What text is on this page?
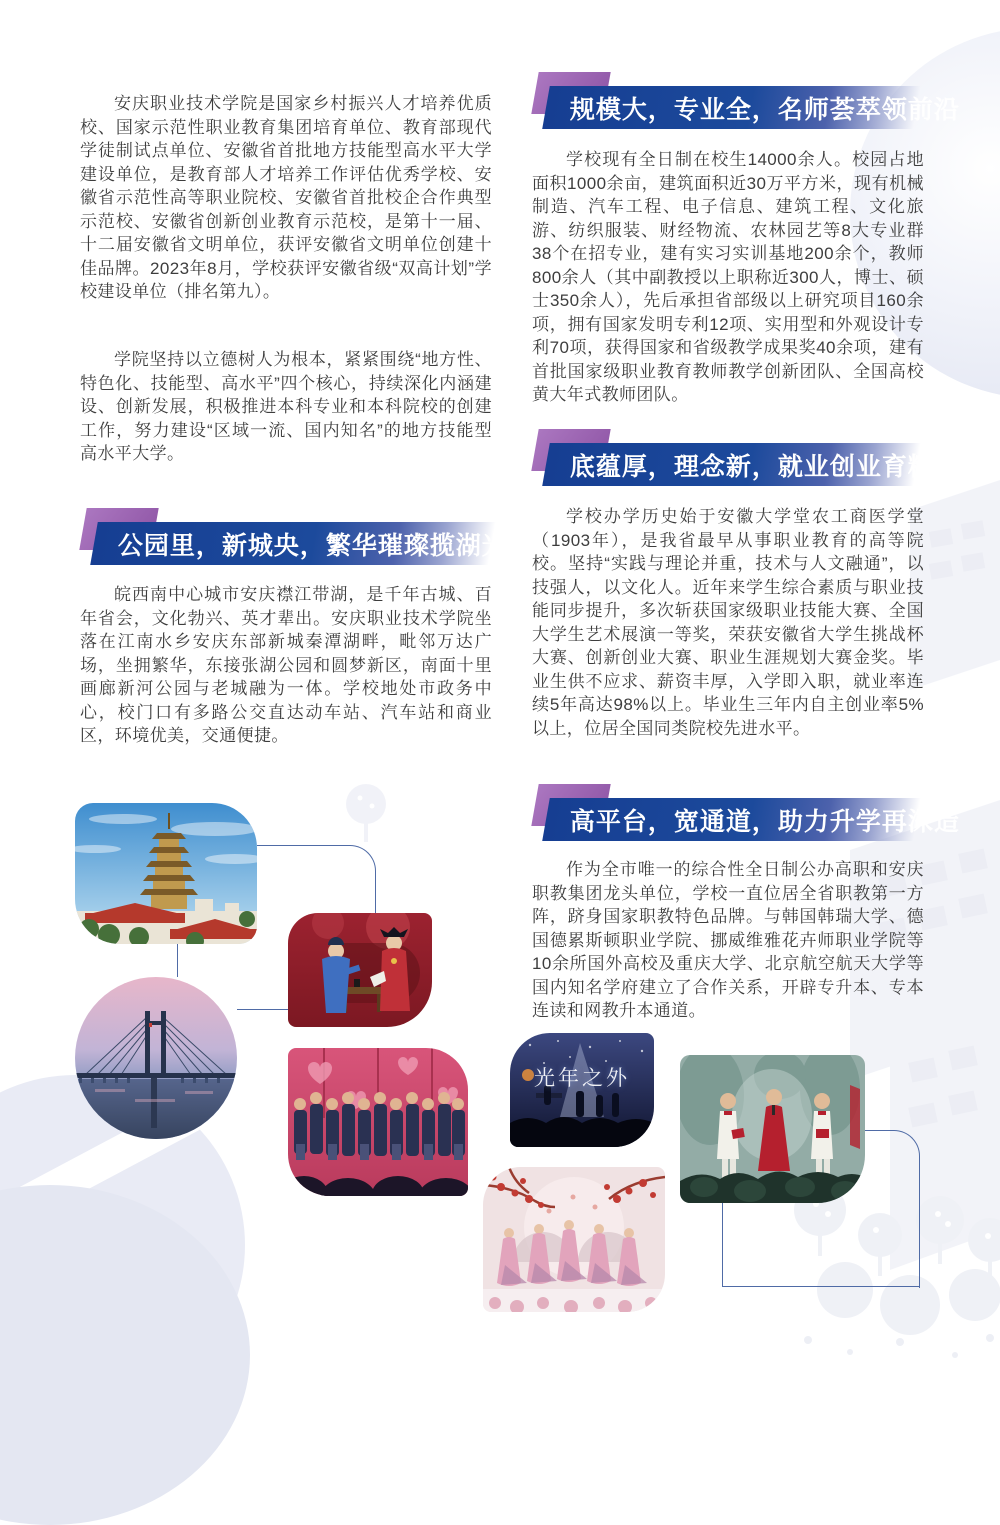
安庆职业技术学院是国家乡村振兴人才培养优质校、国家示范性职业教育集团培育单位、教育部现代学徒制试点单位、安徽省首批地方技能型高水平大学建设单位，是教育部人才培养工作评估优秀学校、安徽省示范性高等职业院校、安徽省首批校企合作典型示范校、安徽省创新创业教育示范校，是第十一届、十二届安徽省文明单位，获评安徽省文明单位创建十佳品牌。2023年8月，学校获评安徽省级“双高计划”学校建设单位（排名第九）。

学院坚持以立德树人为根本，紧紧围绕“地方性、特色化、技能型、高水平”四个核心，持续深化内涵建设、创新发展，积极推进本科专业和本科院校的创建工作，努力建设“区域一流、国内知名”的地方技能型高水平大学。

公园里，新城央，繁华璀璨揽湖光

皖西南中心城市安庆襟江带湖，是千年古城、百年省会，文化勃兴、英才辈出。安庆职业技术学院坐落在江南水乡安庆东部新城秦潭湖畔，毗邻万达广场，坐拥繁华，东接张湖公园和圆梦新区，南面十里画廊新河公园与老城融为一体。学校地处市政务中心，校门口有多路公交直达动车站、汽车站和商业区，环境优美，交通便捷。

规模大，专业全，名师荟萃领前沿

学校现有全日制在校生14000余人。校园占地面积1000余亩，建筑面积近30万平方米，现有机械制造、汽车工程、电子信息、建筑工程、文化旅游、纺织服装、财经物流、农林园艺等8大专业群38个在招专业，建有实习实训基地200余个，教师800余人（其中副教授以上职称近300人，博士、硕士350余人），先后承担省部级以上研究项目160余项，拥有国家发明专利12项、实用型和外观设计专利70项，获得国家和省级教学成果奖40余项，建有首批国家级职业教育教师教学创新团队、全国高校黄大年式教师团队。

底蕴厚，理念新，就业创业育精英

学校办学历史始于安徽大学堂农工商医学堂（1903年），是我省最早从事职业教育的高等院校。坚持“实践与理论并重，技术与人文融通”，以技强人，以文化人。近年来学生综合素质与职业技能同步提升，多次斩获国家级职业技能大赛、全国大学生艺术展演一等奖，荣获安徽省大学生挑战杯大赛、创新创业大赛、职业生涯规划大赛金奖。毕业生供不应求、薪资丰厚，入学即入职，就业率连续5年高达98%以上。毕业生三年内自主创业率5%以上，位居全国同类院校先进水平。

高平台，宽通道，助力升学再深造

作为全市唯一的综合性全日制公办高职和安庆职教集团龙头单位，学校一直位居全省职教第一方阵，跻身国家职教特色品牌。与韩国韩瑞大学、德国德累斯顿职业学院、挪威维雅花卉师职业学院等10余所国外高校及重庆大学、北京航空航天大学等国内知名学府建立了合作关系，开辟专升本、专本连读和网教升本通道。

光年之外
